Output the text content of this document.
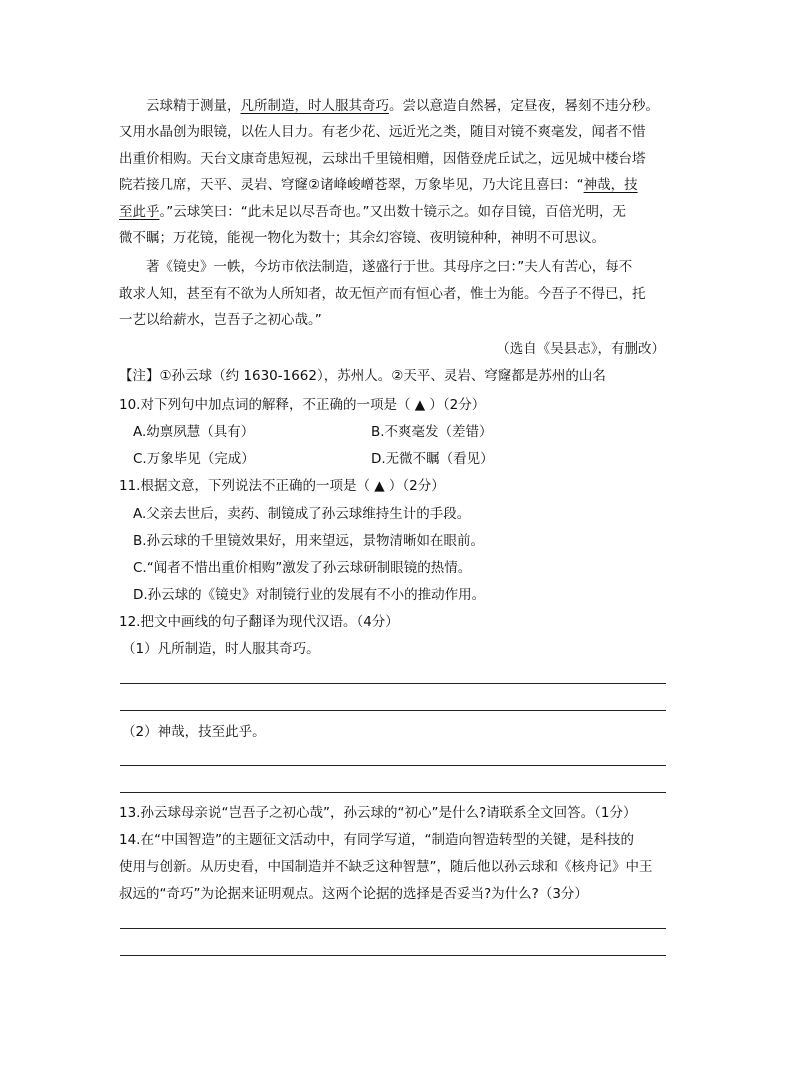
云球精于测量，凡所制造，时人服其奇巧。尝以意造自然晷，定昼夜，晷刻不违分秒。
又用水晶创为眼镜，以佐人目力。有老少花、远近光之类，随目对镜不爽毫发，闻者不惜
出重价相购。天台文康奇患短视，云球出千里镜相赠，因偕登虎丘试之，远见城中楼台塔
院若接几席，天平、灵岩、穹窿②诸峰峻嶒苍翠，万象毕见，乃大诧且喜曰：“神哉，技
至此乎。”云球笑曰：“此未足以尽吾奇也。”又出数十镜示之。如存目镜，百倍光明，无
微不瞩；万花镜，能视一物化为数十；其余幻容镜、夜明镜种种，神明不可思议。
著《镜史》一帙，今坊市依法制造，遂盛行于世。其母序之曰：”夫人有苦心，每不
敢求人知，甚至有不欲为人所知者，故无恒产而有恒心者，惟士为能。今吾子不得已，托
一艺以给薪水，岂吾子之初心哉。”
（选自《吴县志》，有删改）
【注】①孙云球（约 1630-1662），苏州人。②天平、灵岩、穹窿都是苏州的山名
10.对下列句中加点词的解释，不正确的一项是（ ▲ ）（2分）
A.幼禀夙慧（具有）	B.不爽毫发（差错）
C.万象毕见（完成）	D.无微不瞩（看见）
11.根据文意，下列说法不正确的一项是（ ▲ ）（2分）
A.父亲去世后，卖药、制镜成了孙云球维持生计的手段。
B.孙云球的千里镜效果好，用来望远，景物清晰如在眼前。
C.“闻者不惜出重价相购”激发了孙云球研制眼镜的热情。
D.孙云球的《镜史》对制镜行业的发展有不小的推动作用。
12.把文中画线的句子翻译为现代汉语。（4分）
（1）凡所制造，时人服其奇巧。
（2）神哉，技至此乎。
13.孙云球母亲说“岂吾子之初心哉”，孙云球的“初心”是什么?请联系全文回答。（1分）
14.在“中国智造”的主题征文活动中，有同学写道，“制造向智造转型的关键，是科技的
使用与创新。从历史看，中国制造并不缺乏这种智慧”，随后他以孙云球和《核舟记》中王
叔远的“奇巧”为论据来证明观点。这两个论据的选择是否妥当?为什么?（3分）
